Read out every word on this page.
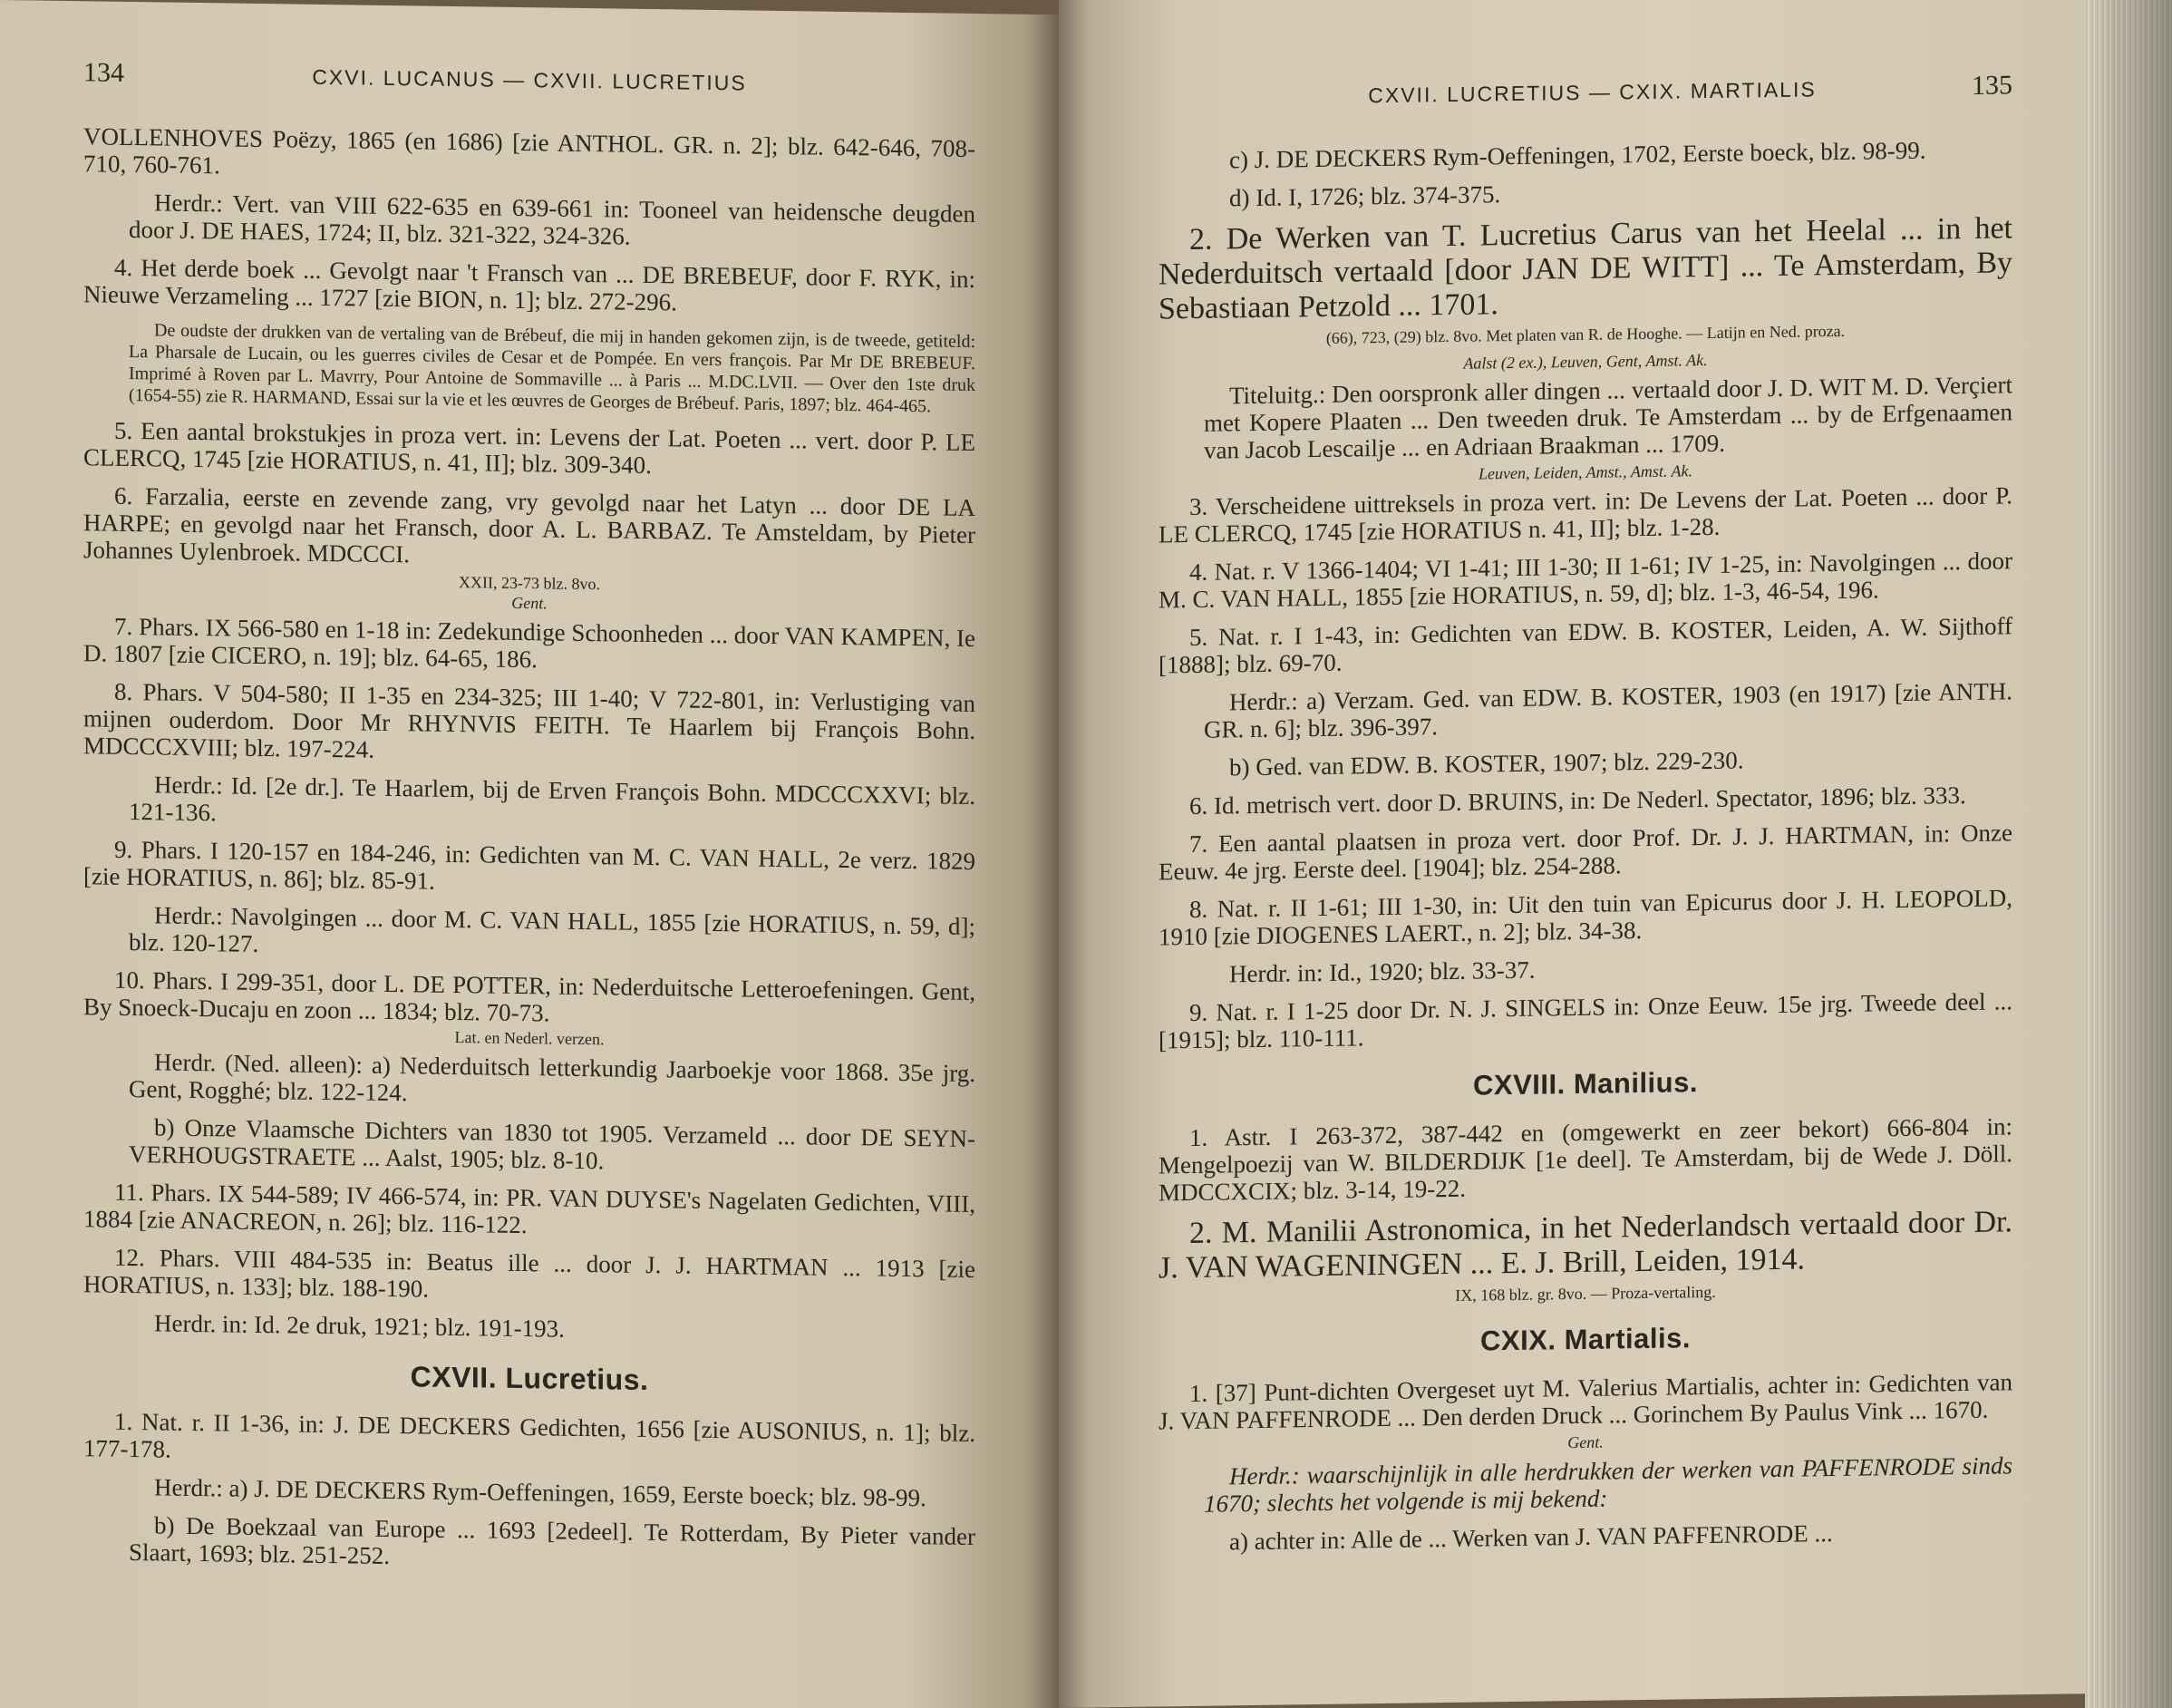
134	CXVI. LUCANUS — CXVII. LUCRETIUS

VOLLENHOVES Poëzy, 1865 (en 1686) [zie ANTHOL. GR. n. 2]; blz. 642-646, 708-710, 760-761.

Herdr.: Vert. van VIII 622-635 en 639-661 in: Tooneel van heidensche deugden door J. DE HAES, 1724; II, blz. 321-322, 324-326.

4. Het derde boek ... Gevolgt naar 't Fransch van ... DE BREBEUF, door F. RYK, in: Nieuwe Verzameling ... 1727 [zie BION, n. 1]; blz. 272-296.

De oudste der drukken van de vertaling van de Brébeuf, die mij in handen gekomen zijn, is de tweede, getiteld: La Pharsale de Lucain, ou les guerres civiles de Cesar et de Pompée. En vers françois. Par Mr DE BREBEUF. Imprimé à Roven par L. Mavrry, Pour Antoine de Sommaville ... à Paris ... M.DC.LVII. — Over den 1ste druk (1654-55) zie R. HARMAND, Essai sur la vie et les œuvres de Georges de Brébeuf. Paris, 1897; blz. 464-465.

5. Een aantal brokstukjes in proza vert. in: Levens der Lat. Poeten ... vert. door P. LE CLERCQ, 1745 [zie HORATIUS, n. 41, II]; blz. 309-340.

6. Farzalia, eerste en zevende zang, vry gevolgd naar het Latyn ... door DE LA HARPE; en gevolgd naar het Fransch, door A. L. BARBAZ. Te Amsteldam, by Pieter Johannes Uylenbroek. MDCCCI.

XXII, 23-73 blz. 8vo.

Gent.

7. Phars. IX 566-580 en 1-18 in: Zedekundige Schoonheden ... door VAN KAMPEN, Ie D. 1807 [zie CICERO, n. 19]; blz. 64-65, 186.

8. Phars. V 504-580; II 1-35 en 234-325; III 1-40; V 722-801, in: Verlustiging van mijnen ouderdom. Door Mr RHYNVIS FEITH. Te Haarlem bij François Bohn. MDCCCXVIII; blz. 197-224.

Herdr.: Id. [2e dr.]. Te Haarlem, bij de Erven François Bohn. MDCCCXXVI; blz. 121-136.

9. Phars. I 120-157 en 184-246, in: Gedichten van M. C. VAN HALL, 2e verz. 1829 [zie HORATIUS, n. 86]; blz. 85-91.

Herdr.: Navolgingen ... door M. C. VAN HALL, 1855 [zie HORATIUS, n. 59, d]; blz. 120-127.

10. Phars. I 299-351, door L. DE POTTER, in: Nederduitsche Letteroefeningen. Gent, By Snoeck-Ducaju en zoon ... 1834; blz. 70-73.

Lat. en Nederl. verzen.

Herdr. (Ned. alleen): a) Nederduitsch letterkundig Jaarboekje voor 1868. 35e jrg. Gent, Rogghé; blz. 122-124.

b) Onze Vlaamsche Dichters van 1830 tot 1905. Verzameld ... door DE SEYN-VERHOUGSTRAETE ... Aalst, 1905; blz. 8-10.

11. Phars. IX 544-589; IV 466-574, in: PR. VAN DUYSE's Nagelaten Gedichten, VIII, 1884 [zie ANACREON, n. 26]; blz. 116-122.

12. Phars. VIII 484-535 in: Beatus ille ... door J. J. HARTMAN ... 1913 [zie HORATIUS, n. 133]; blz. 188-190.

Herdr. in: Id. 2e druk, 1921; blz. 191-193.

CXVII. Lucretius.

1. Nat. r. II 1-36, in: J. DE DECKERS Gedichten, 1656 [zie AUSONIUS, n. 1]; blz. 177-178.

Herdr.: a) J. DE DECKERS Rym-Oeffeningen, 1659, Eerste boeck; blz. 98-99.

b) De Boekzaal van Europe ... 1693 [2edeel]. Te Rotterdam, By Pieter vander Slaart, 1693; blz. 251-252.

CXVII. LUCRETIUS — CXIX. MARTIALIS	135

c) J. DE DECKERS Rym-Oeffeningen, 1702, Eerste boeck, blz. 98-99.

d) Id. I, 1726; blz. 374-375.

2. De Werken van T. Lucretius Carus van het Heelal ... in het Nederduitsch vertaald [door JAN DE WITT] ... Te Amsterdam, By Sebastiaan Petzold ... 1701.

(66), 723, (29) blz. 8vo. Met platen van R. de Hooghe. — Latijn en Ned. proza.

Aalst (2 ex.), Leuven, Gent, Amst. Ak.

Titeluitg.: Den oorspronk aller dingen ... vertaald door J. D. WIT M. D. Verçiert met Kopere Plaaten ... Den tweeden druk. Te Amsterdam ... by de Erfgenaamen van Jacob Lescailje ... en Adriaan Braakman ... 1709.

Leuven, Leiden, Amst., Amst. Ak.

3. Verscheidene uittreksels in proza vert. in: De Levens der Lat. Poeten ... door P. LE CLERCQ, 1745 [zie HORATIUS n. 41, II]; blz. 1-28.

4. Nat. r. V 1366-1404; VI 1-41; III 1-30; II 1-61; IV 1-25, in: Navolgingen ... door M. C. VAN HALL, 1855 [zie HORATIUS, n. 59, d]; blz. 1-3, 46-54, 196.

5. Nat. r. I 1-43, in: Gedichten van EDW. B. KOSTER, Leiden, A. W. Sijthoff [1888]; blz. 69-70.

Herdr.: a) Verzam. Ged. van EDW. B. KOSTER, 1903 (en 1917) [zie ANTH. GR. n. 6]; blz. 396-397.

b) Ged. van EDW. B. KOSTER, 1907; blz. 229-230.

6. Id. metrisch vert. door D. BRUINS, in: De Nederl. Spectator, 1896; blz. 333.

7. Een aantal plaatsen in proza vert. door Prof. Dr. J. J. HARTMAN, in: Onze Eeuw. 4e jrg. Eerste deel. [1904]; blz. 254-288.

8. Nat. r. II 1-61; III 1-30, in: Uit den tuin van Epicurus door J. H. LEOPOLD, 1910 [zie DIOGENES LAERT., n. 2]; blz. 34-38.

Herdr. in: Id., 1920; blz. 33-37.

9. Nat. r. I 1-25 door Dr. N. J. SINGELS in: Onze Eeuw. 15e jrg. Tweede deel ... [1915]; blz. 110-111.

CXVIII. Manilius.

1. Astr. I 263-372, 387-442 en (omgewerkt en zeer bekort) 666-804 in: Mengelpoezij van W. BILDERDIJK [1e deel]. Te Amsterdam, bij de Wede J. Döll. MDCCXCIX; blz. 3-14, 19-22.

2. M. Manilii Astronomica, in het Nederlandsch vertaald door Dr. J. VAN WAGENINGEN ... E. J. Brill, Leiden, 1914.

IX, 168 blz. gr. 8vo. — Proza-vertaling.

CXIX. Martialis.

1. [37] Punt-dichten Overgeset uyt M. Valerius Martialis, achter in: Gedichten van J. VAN PAFFENRODE ... Den derden Druck ... Gorinchem By Paulus Vink ... 1670.

Gent.

Herdr.: waarschijnlijk in alle herdrukken der werken van PAFFENRODE sinds 1670; slechts het volgende is mij bekend:

a) achter in: Alle de ... Werken van J. VAN PAFFENRODE ...
